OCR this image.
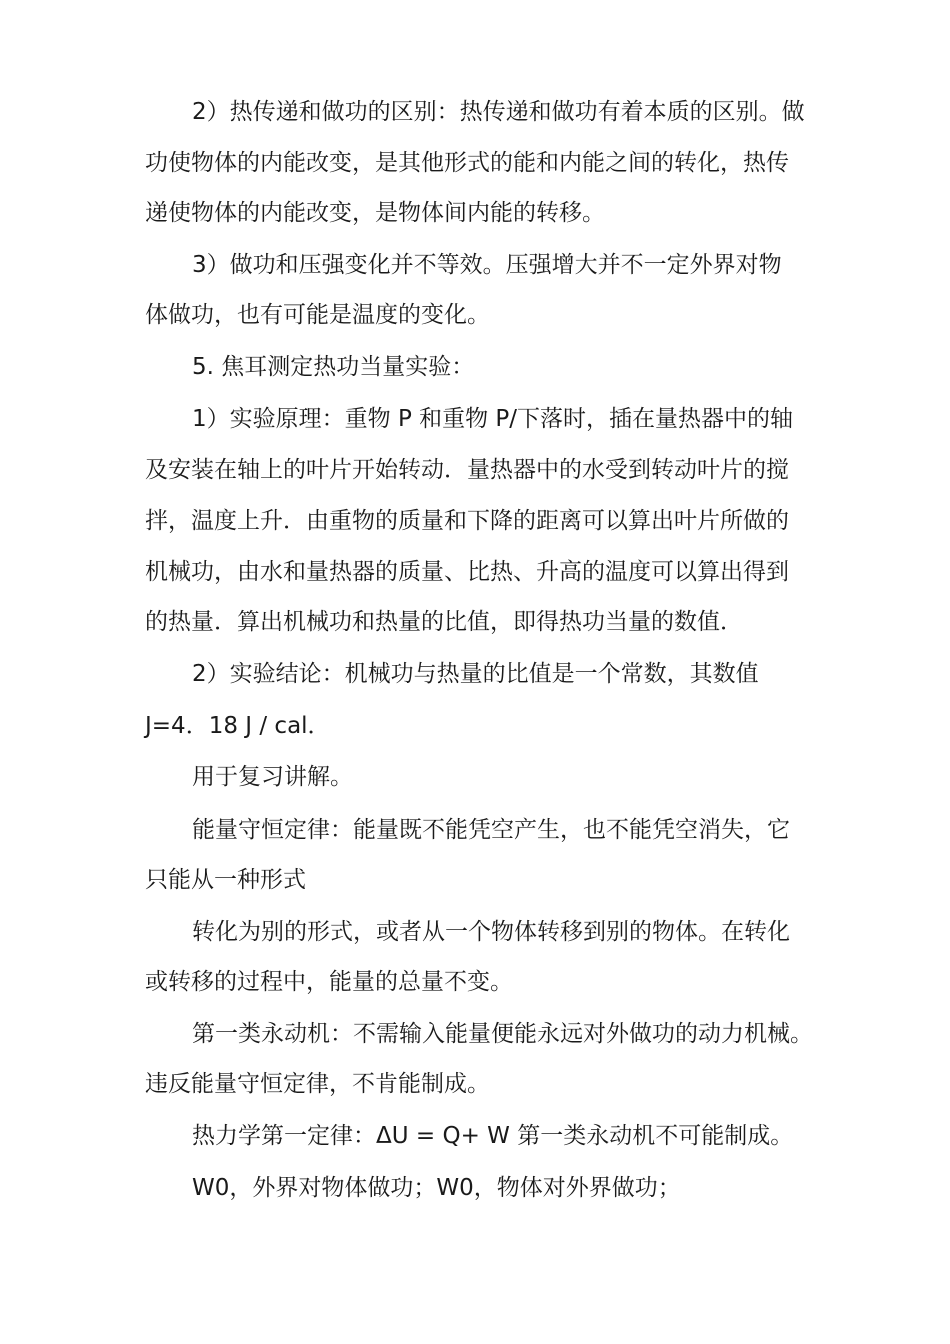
2）热传递和做功的区别：热传递和做功有着本质的区别。做
功使物体的内能改变，是其他形式的能和内能之间的转化，热传
递使物体的内能改变，是物体间内能的转移。
3）做功和压强变化并不等效。压强增大并不一定外界对物
体做功，也有可能是温度的变化。
5. 焦耳测定热功当量实验：
1）实验原理：重物 P 和重物 P/下落时，插在量热器中的轴
及安装在轴上的叶片开始转动．量热器中的水受到转动叶片的搅
拌，温度上升．由重物的质量和下降的距离可以算出叶片所做的
机械功，由水和量热器的质量、比热、升高的温度可以算出得到
的热量．算出机械功和热量的比值，即得热功当量的数值．
2）实验结论：机械功与热量的比值是一个常数，其数值
J=4．18 J / cal．
用于复习讲解。
能量守恒定律：能量既不能凭空产生，也不能凭空消失，它
只能从一种形式
转化为别的形式，或者从一个物体转移到别的物体。在转化
或转移的过程中，能量的总量不变。
第一类永动机：不需输入能量便能永远对外做功的动力机械。
违反能量守恒定律，不肯能制成。
热力学第一定律：ΔU = Q+ W 第一类永动机不可能制成。
W0，外界对物体做功；W0，物体对外界做功；
